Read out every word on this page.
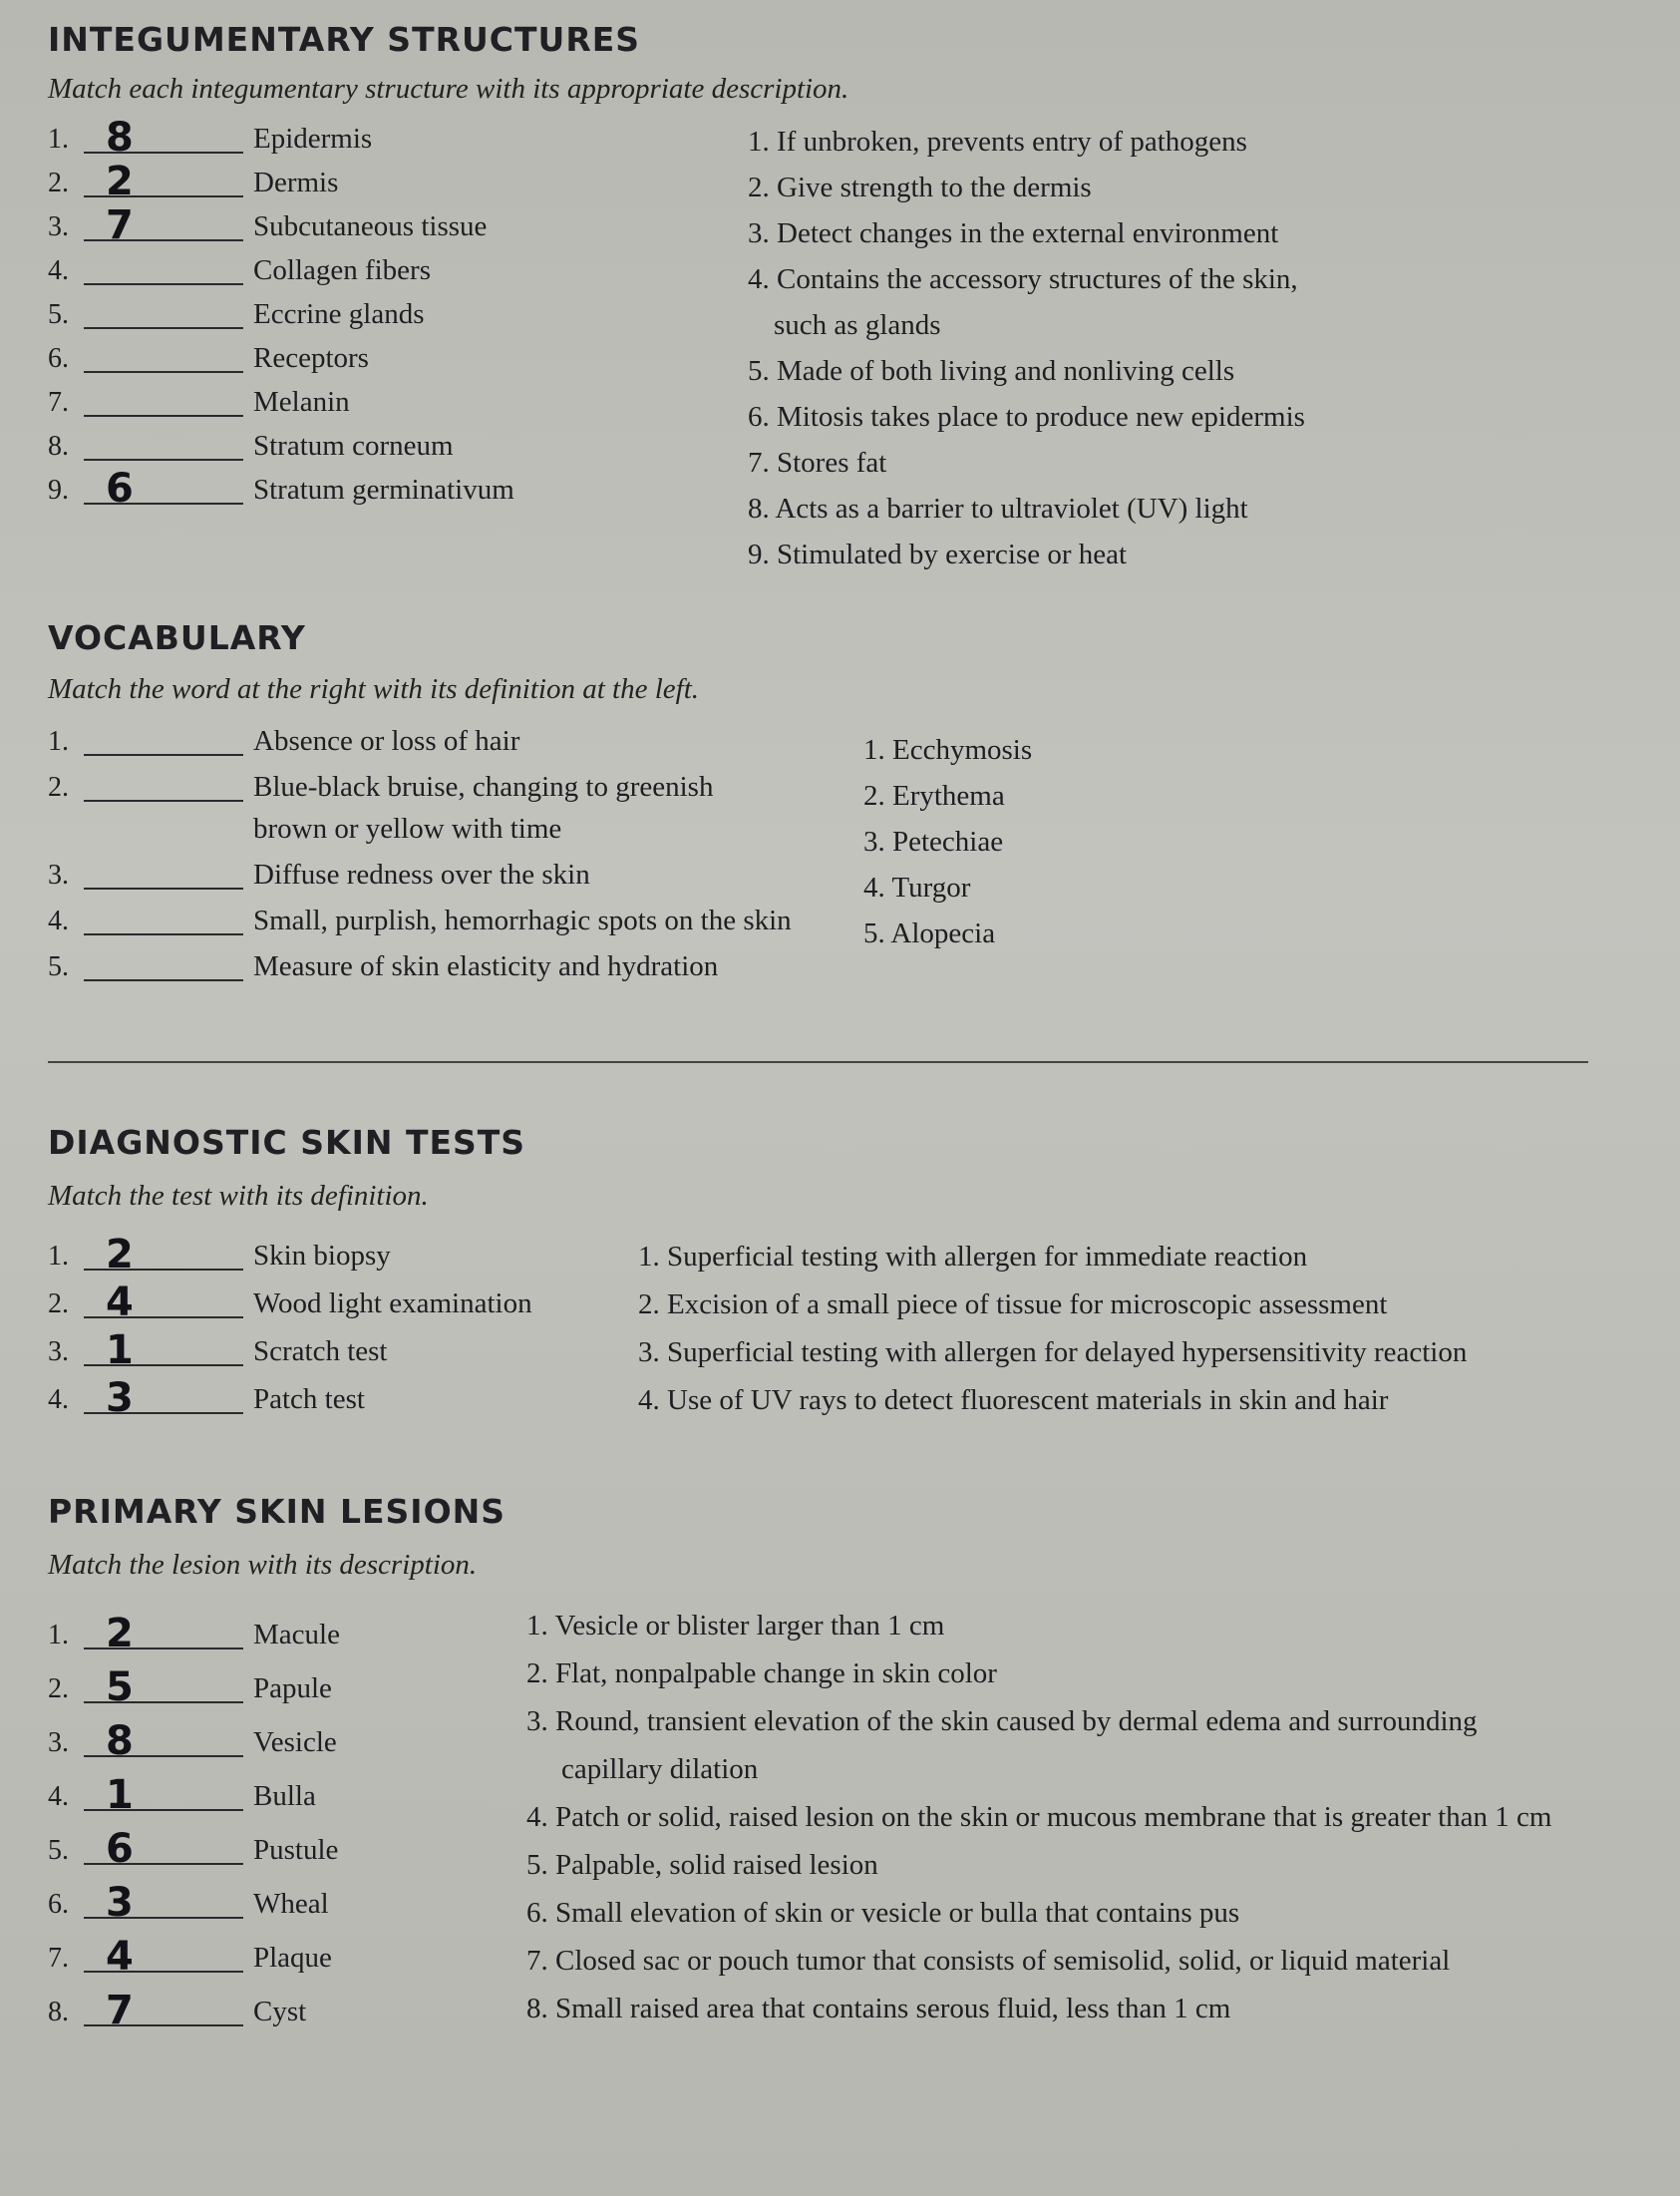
INTEGUMENTARY STRUCTURES
Match each integumentary structure with its appropriate description.
1. 8	Epidermis
2. 2	Dermis
3. 7	Subcutaneous tissue
4.	Collagen fibers
5.	Eccrine glands
6.	Receptors
7.	Melanin
8.	Stratum corneum
9. 6	Stratum germinativum
1. If unbroken, prevents entry of pathogens
2. Give strength to the dermis
3. Detect changes in the external environment
4. Contains the accessory structures of the skin,
such as glands
5. Made of both living and nonliving cells
6. Mitosis takes place to produce new epidermis
7. Stores fat
8. Acts as a barrier to ultraviolet (UV) light
9. Stimulated by exercise or heat
VOCABULARY
Match the word at the right with its definition at the left.
1.	Absence or loss of hair
2.	Blue-black bruise, changing to greenish
brown or yellow with time
3.	Diffuse redness over the skin
4.	Small, purplish, hemorrhagic spots on the skin
5.	Measure of skin elasticity and hydration
1. Ecchymosis
2. Erythema
3. Petechiae
4. Turgor
5. Alopecia
DIAGNOSTIC SKIN TESTS
Match the test with its definition.
1. 2	Skin biopsy
2. 4	Wood light examination
3. 1	Scratch test
4. 3	Patch test
1. Superficial testing with allergen for immediate reaction
2. Excision of a small piece of tissue for microscopic assessment
3. Superficial testing with allergen for delayed hypersensitivity reaction
4. Use of UV rays to detect fluorescent materials in skin and hair
PRIMARY SKIN LESIONS
Match the lesion with its description.
1. 2	Macule
2. 5	Papule
3. 8	Vesicle
4. 1	Bulla
5. 6	Pustule
6. 3	Wheal
7. 4	Plaque
8. 7	Cyst
1. Vesicle or blister larger than 1 cm
2. Flat, nonpalpable change in skin color
3. Round, transient elevation of the skin caused by dermal edema and surrounding
capillary dilation
4. Patch or solid, raised lesion on the skin or mucous membrane that is greater than 1 cm
5. Palpable, solid raised lesion
6. Small elevation of skin or vesicle or bulla that contains pus
7. Closed sac or pouch tumor that consists of semisolid, solid, or liquid material
8. Small raised area that contains serous fluid, less than 1 cm
